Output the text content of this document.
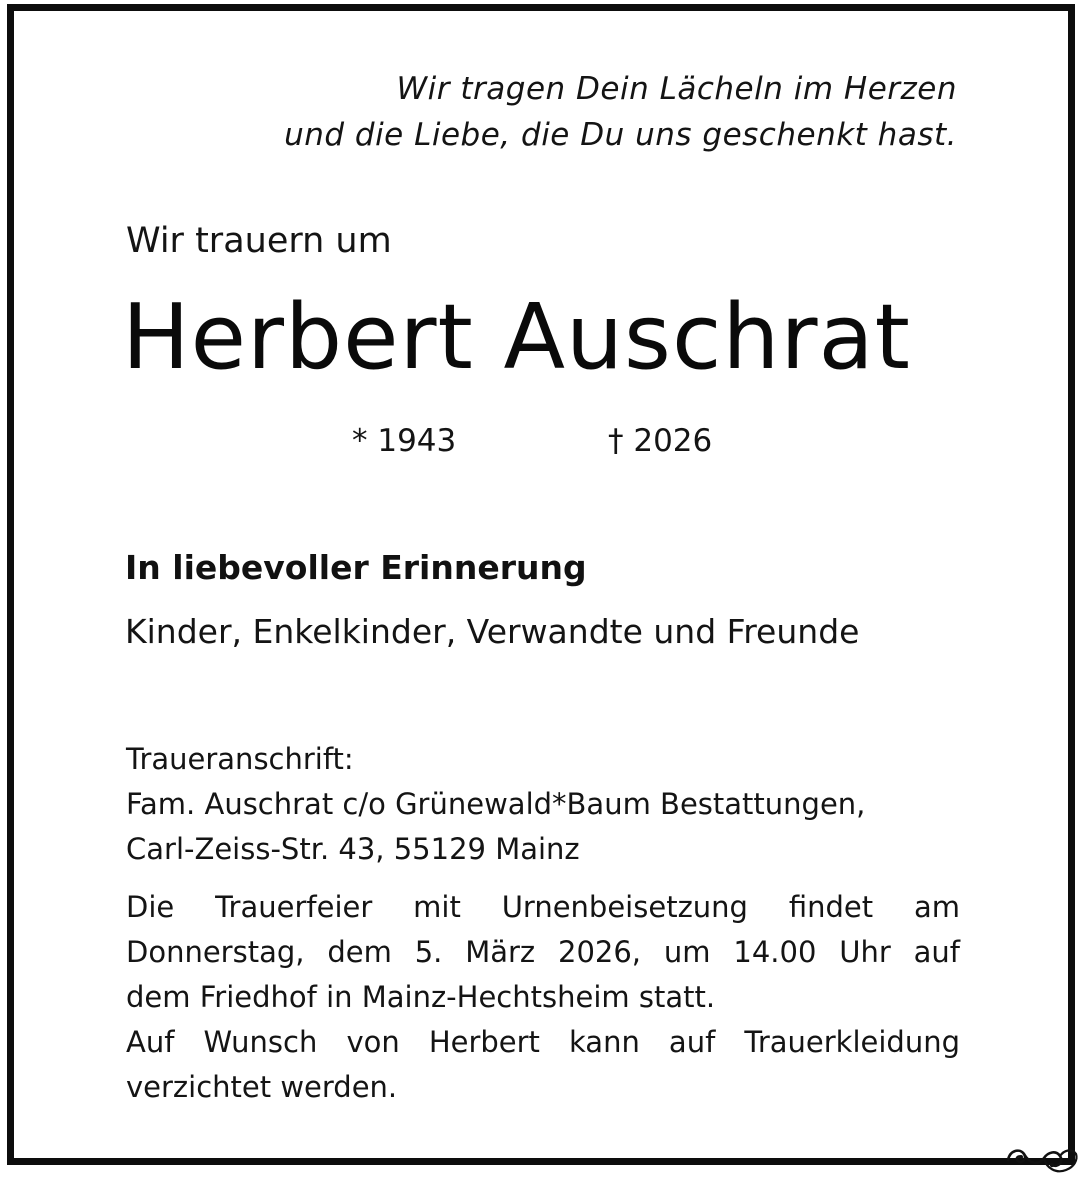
Wir tragen Dein Lächeln im Herzen
und die Liebe, die Du uns geschenkt hast.
Wir trauern um
Herbert Auschrat
* 1943	† 2026
In liebevoller Erinnerung
Kinder, Enkelkinder, Verwandte und Freunde
Traueranschrift:
Fam. Auschrat c/o Grünewald*Baum Bestattungen,
Carl-Zeiss-Str. 43, 55129 Mainz
Die Trauerfeier mit Urnenbeisetzung findet am
Donnerstag, dem 5. März 2026, um 14.00 Uhr auf
dem Friedhof in Mainz-Hechtsheim statt.
Auf Wunsch von Herbert kann auf Trauerkleidung
verzichtet werden.
